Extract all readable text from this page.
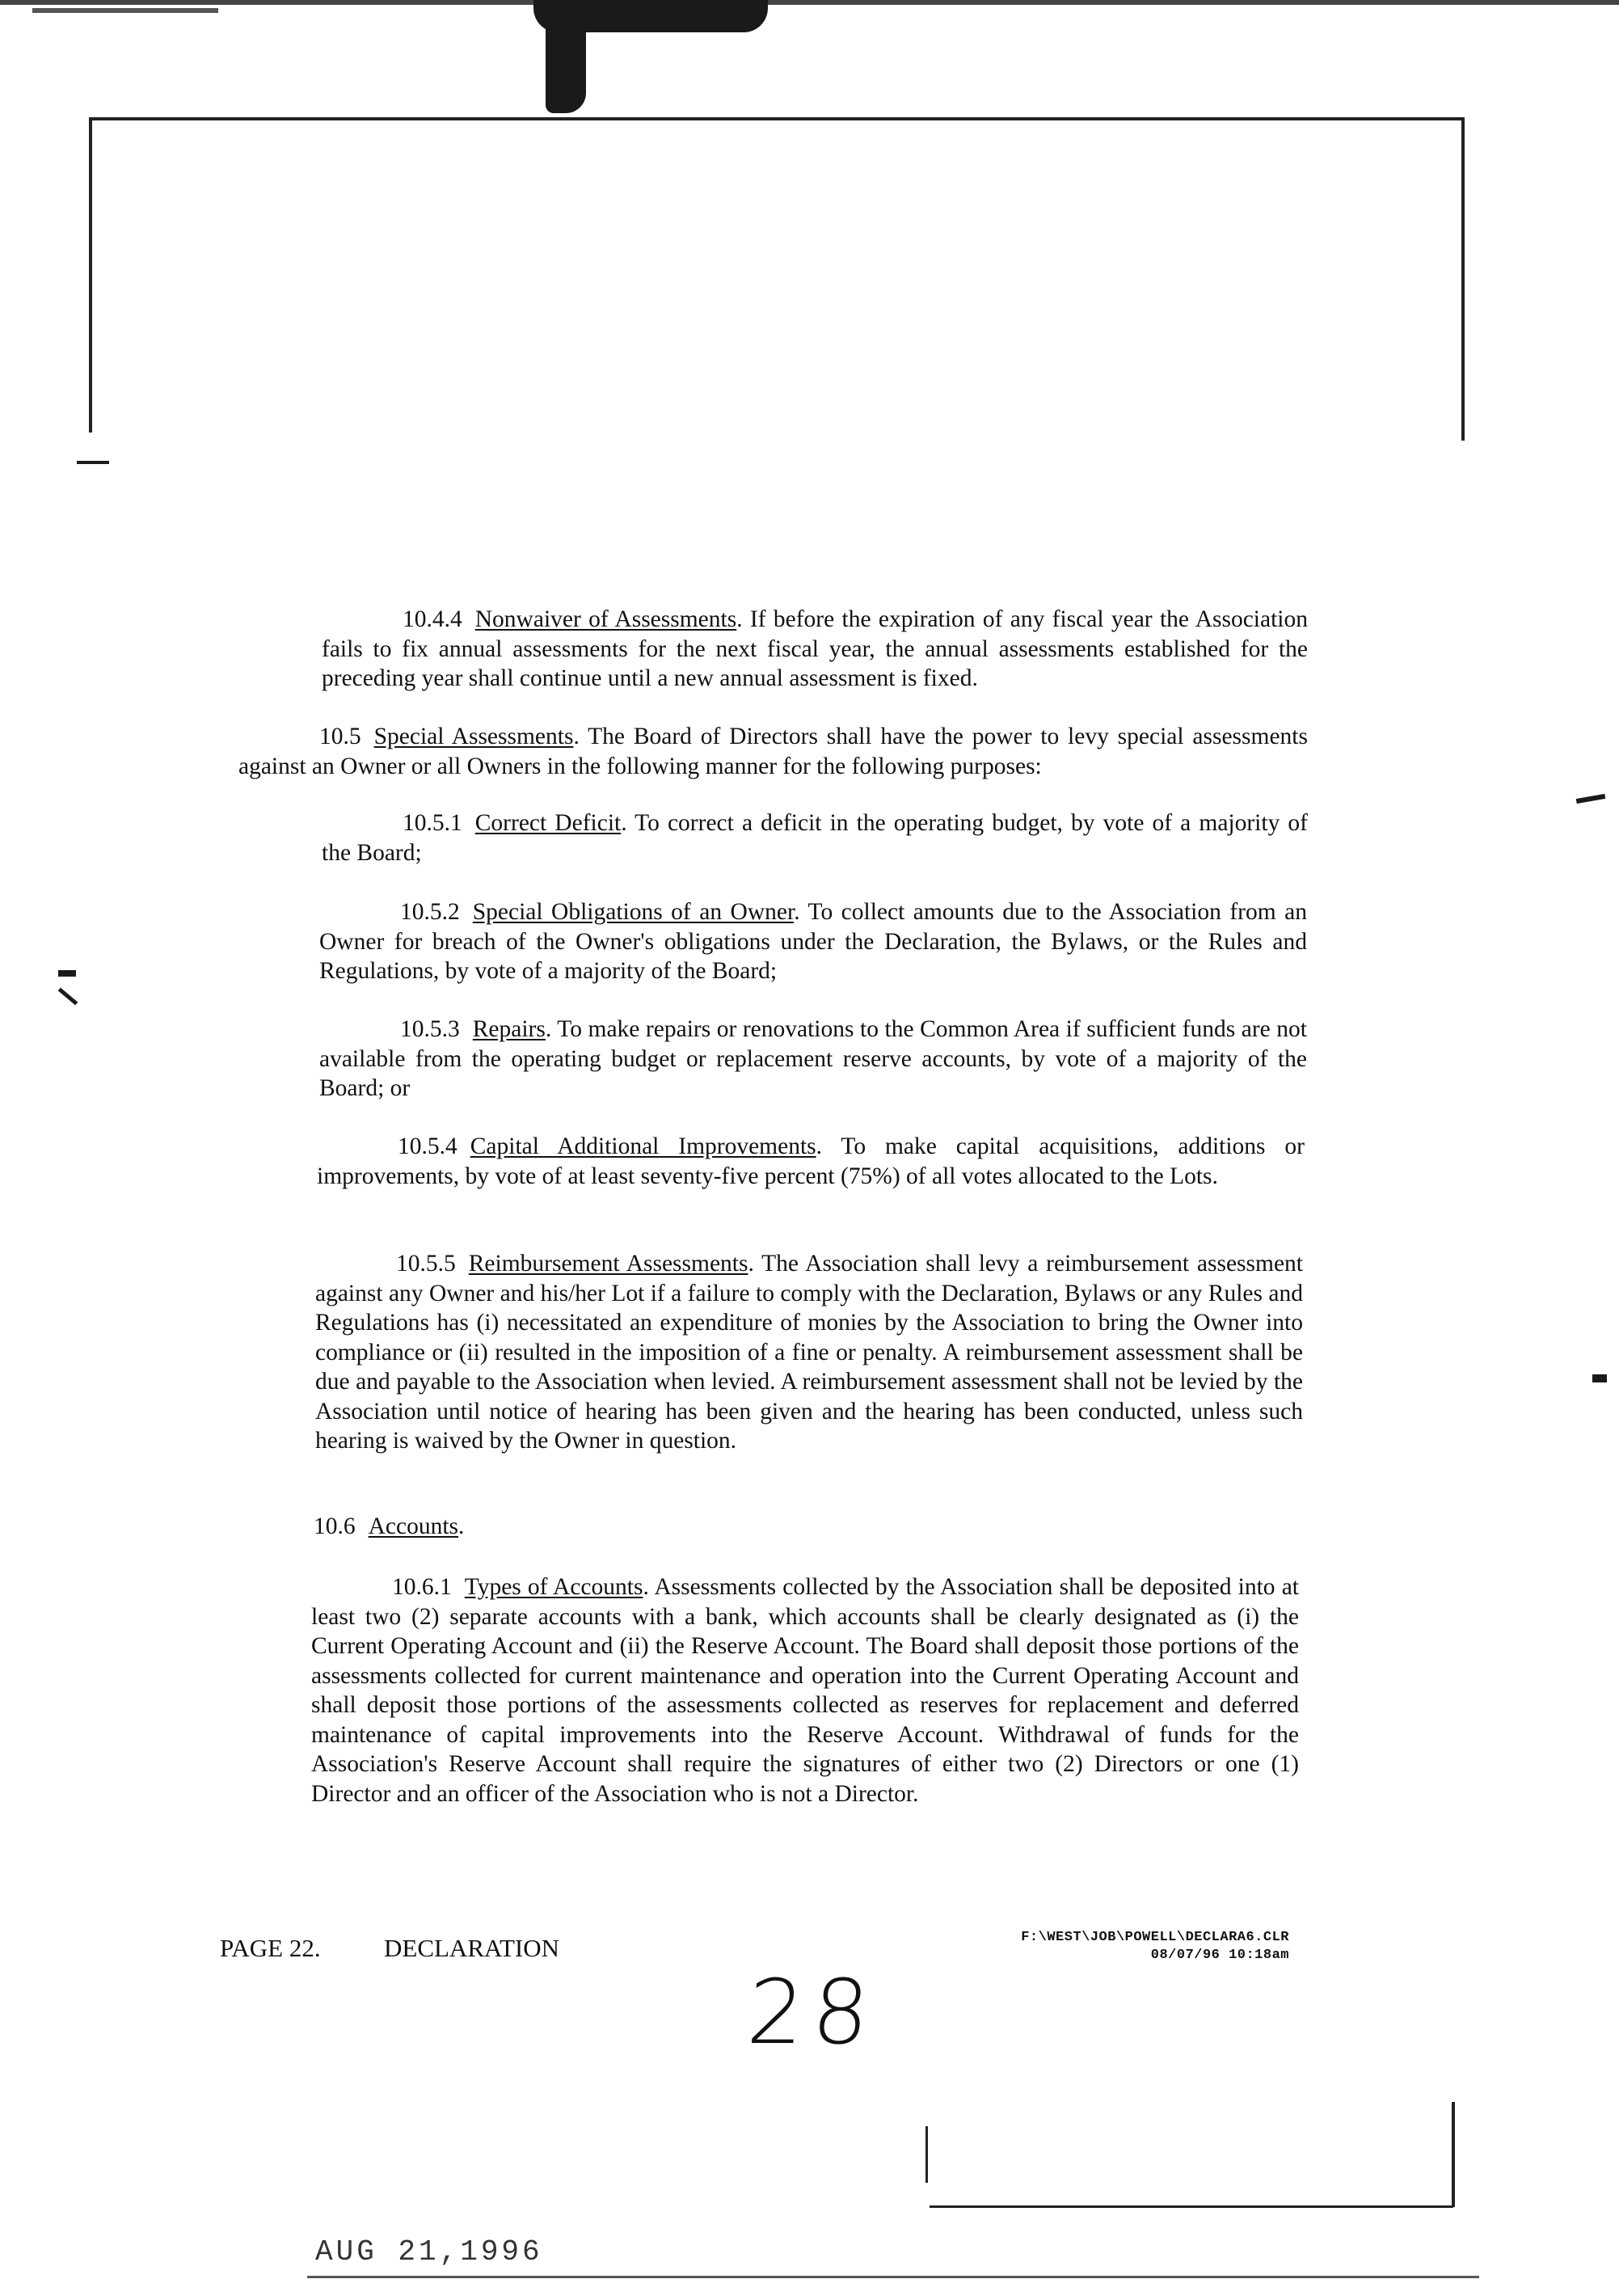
10.4.4 Nonwaiver of Assessments. If before the expiration of any fiscal year the Association fails to fix annual assessments for the next fiscal year, the annual assessments established for the preceding year shall continue until a new annual assessment is fixed.

10.5 Special Assessments. The Board of Directors shall have the power to levy special assessments against an Owner or all Owners in the following manner for the following purposes:

10.5.1 Correct Deficit. To correct a deficit in the operating budget, by vote of a majority of the Board;

10.5.2 Special Obligations of an Owner. To collect amounts due to the Association from an Owner for breach of the Owner's obligations under the Declaration, the Bylaws, or the Rules and Regulations, by vote of a majority of the Board;

10.5.3 Repairs. To make repairs or renovations to the Common Area if sufficient funds are not available from the operating budget or replacement reserve accounts, by vote of a majority of the Board; or

10.5.4 Capital Additional Improvements. To make capital acquisitions, additions or improvements, by vote of at least seventy-five percent (75%) of all votes allocated to the Lots.

10.5.5 Reimbursement Assessments. The Association shall levy a reimbursement assessment against any Owner and his/her Lot if a failure to comply with the Declaration, Bylaws or any Rules and Regulations has (i) necessitated an expenditure of monies by the Association to bring the Owner into compliance or (ii) resulted in the imposition of a fine or penalty. A reimbursement assessment shall be due and payable to the Association when levied. A reimbursement assessment shall not be levied by the Association until notice of hearing has been given and the hearing has been conducted, unless such hearing is waived by the Owner in question.

10.6 Accounts.

10.6.1 Types of Accounts. Assessments collected by the Association shall be deposited into at least two (2) separate accounts with a bank, which accounts shall be clearly designated as (i) the Current Operating Account and (ii) the Reserve Account. The Board shall deposit those portions of the assessments collected for current maintenance and operation into the Current Operating Account and shall deposit those portions of the assessments collected as reserves for replacement and deferred maintenance of capital improvements into the Reserve Account. Withdrawal of funds for the Association's Reserve Account shall require the signatures of either two (2) Directors or one (1) Director and an officer of the Association who is not a Director.

PAGE 22.	DECLARATION	F:\WEST\JOB\POWELL\DECLARA6.CLR
08/07/96 10:18am
28
AUG 21,1996
